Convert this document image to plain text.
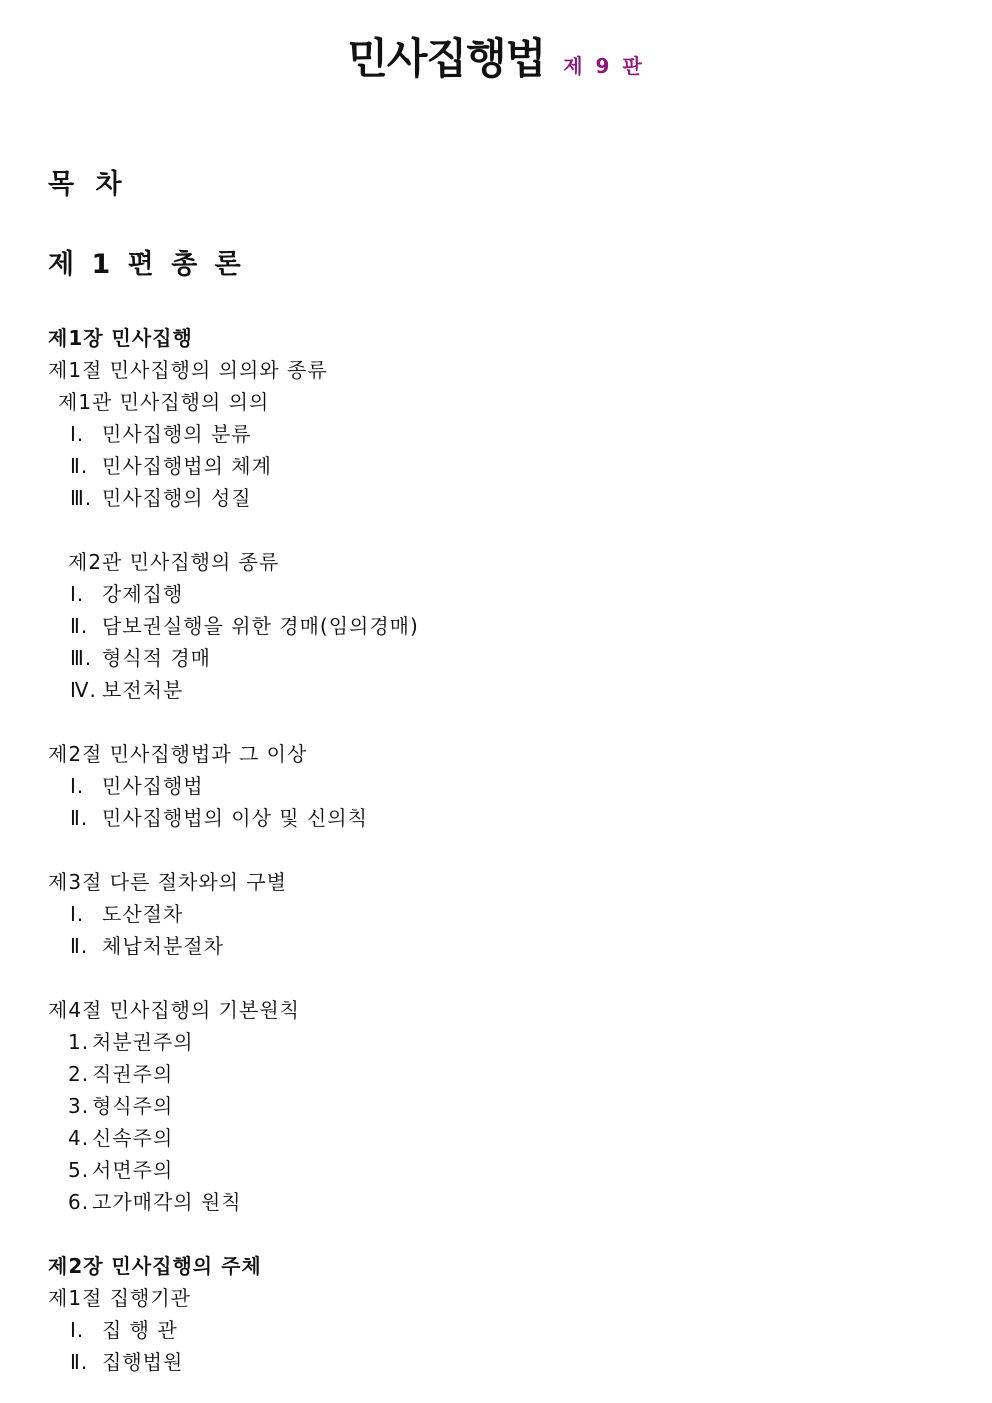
민사집행법 제 9 판
목 차
제 1 편 총 론
제1장 민사집행
제1절 민사집행의 의의와 종류
제1관 민사집행의 의의
Ⅰ. 민사집행의 분류
Ⅱ. 민사집행법의 체계
Ⅲ. 민사집행의 성질
제2관 민사집행의 종류
Ⅰ. 강제집행
Ⅱ. 담보권실행을 위한 경매(임의경매)
Ⅲ. 형식적 경매
Ⅳ. 보전처분
제2절 민사집행법과 그 이상
Ⅰ. 민사집행법
Ⅱ. 민사집행법의 이상 및 신의칙
제3절 다른 절차와의 구별
Ⅰ. 도산절차
Ⅱ. 체납처분절차
제4절 민사집행의 기본원칙
1. 처분권주의
2. 직권주의
3. 형식주의
4. 신속주의
5. 서면주의
6. 고가매각의 원칙
제2장 민사집행의 주체
제1절 집행기관
Ⅰ. 집 행 관
Ⅱ. 집행법원
